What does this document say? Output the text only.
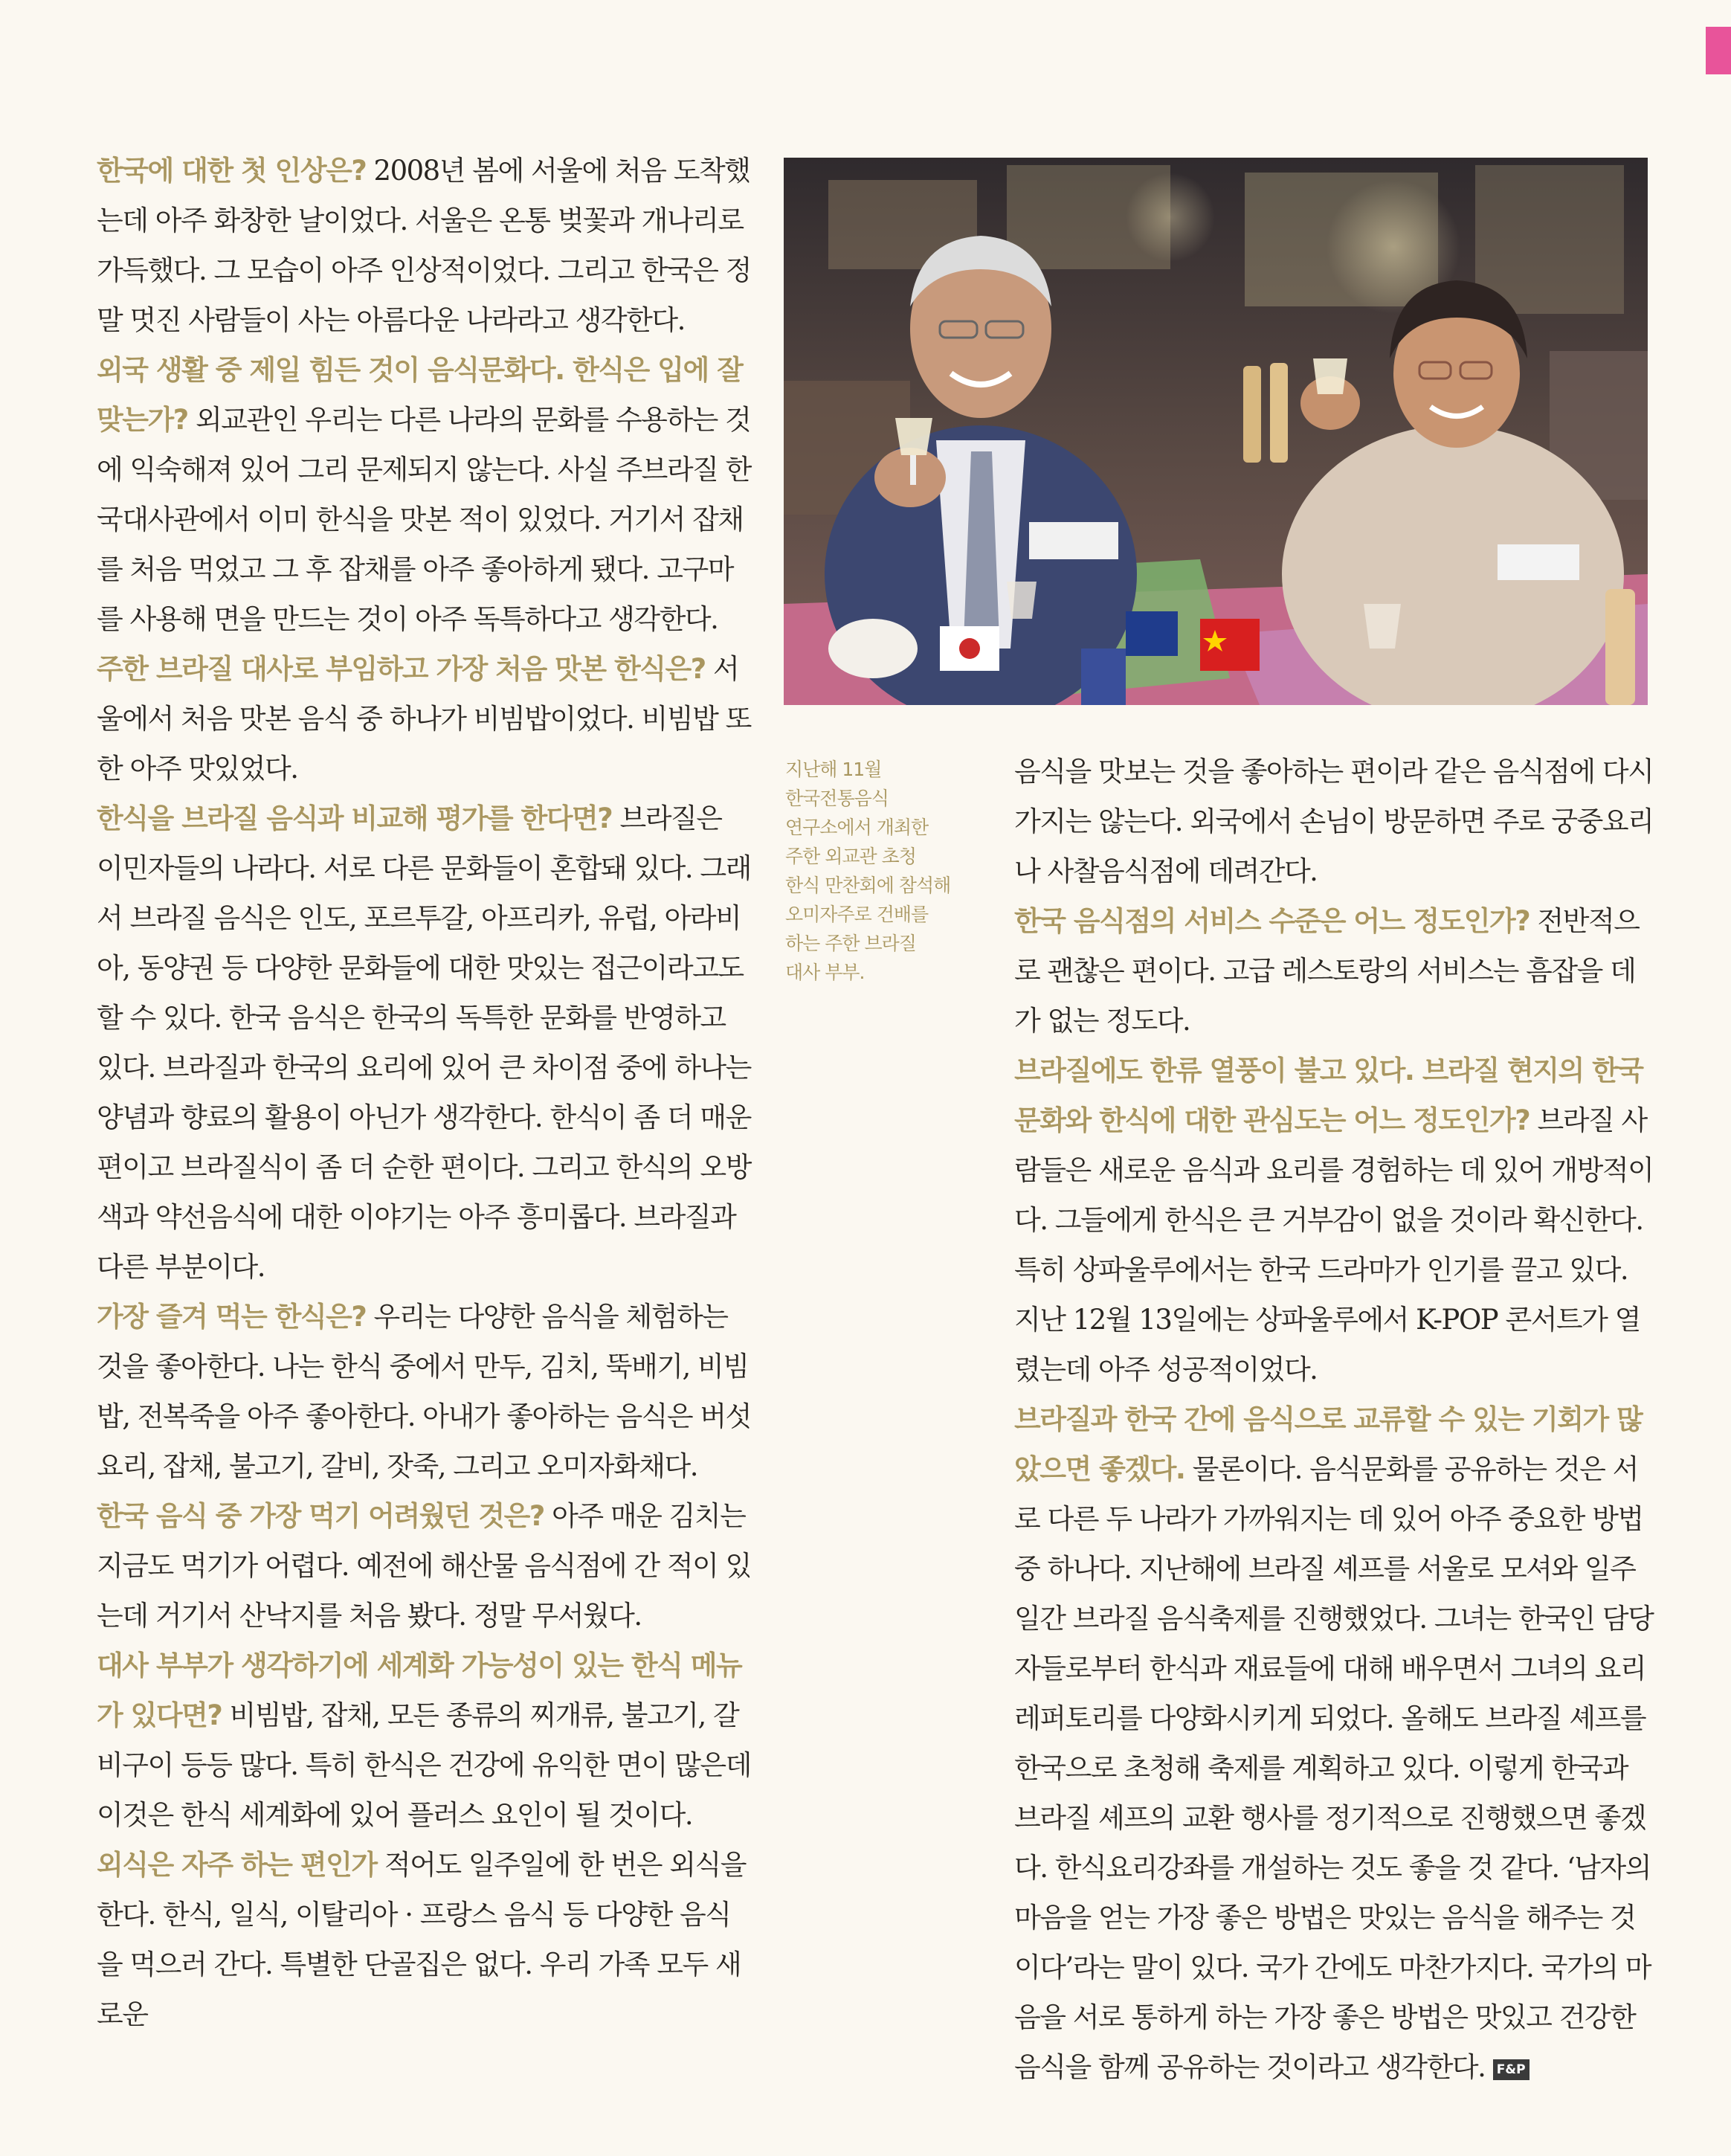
한국에 대한 첫 인상은? 2008년 봄에 서울에 처음 도착했는데 아주 화창한 날이었다. 서울은 온통 벚꽃과 개나리로 가득했다. 그 모습이 아주 인상적이었다. 그리고 한국은 정말 멋진 사람들이 사는 아름다운 나라라고 생각한다.

외국 생활 중 제일 힘든 것이 음식문화다. 한식은 입에 잘 맞는가? 외교관인 우리는 다른 나라의 문화를 수용하는 것에 익숙해져 있어 그리 문제되지 않는다. 사실 주브라질 한국대사관에서 이미 한식을 맛본 적이 있었다. 거기서 잡채를 처음 먹었고 그 후 잡채를 아주 좋아하게 됐다. 고구마를 사용해 면을 만드는 것이 아주 독특하다고 생각한다.

주한 브라질 대사로 부임하고 가장 처음 맛본 한식은? 서울에서 처음 맛본 음식 중 하나가 비빔밥이었다. 비빔밥 또한 아주 맛있었다.

한식을 브라질 음식과 비교해 평가를 한다면? 브라질은 이민자들의 나라다. 서로 다른 문화들이 혼합돼 있다. 그래서 브라질 음식은 인도, 포르투갈, 아프리카, 유럽, 아라비아, 동양권 등 다양한 문화들에 대한 맛있는 접근이라고도 할 수 있다. 한국 음식은 한국의 독특한 문화를 반영하고 있다. 브라질과 한국의 요리에 있어 큰 차이점 중에 하나는 양념과 향료의 활용이 아닌가 생각한다. 한식이 좀 더 매운 편이고 브라질식이 좀 더 순한 편이다. 그리고 한식의 오방색과 약선음식에 대한 이야기는 아주 흥미롭다. 브라질과 다른 부분이다.

가장 즐겨 먹는 한식은? 우리는 다양한 음식을 체험하는 것을 좋아한다. 나는 한식 중에서 만두, 김치, 뚝배기, 비빔밥, 전복죽을 아주 좋아한다. 아내가 좋아하는 음식은 버섯요리, 잡채, 불고기, 갈비, 잣죽, 그리고 오미자화채다.

한국 음식 중 가장 먹기 어려웠던 것은? 아주 매운 김치는 지금도 먹기가 어렵다. 예전에 해산물 음식점에 간 적이 있는데 거기서 산낙지를 처음 봤다. 정말 무서웠다.

대사 부부가 생각하기에 세계화 가능성이 있는 한식 메뉴가 있다면? 비빔밥, 잡채, 모든 종류의 찌개류, 불고기, 갈비구이 등등 많다. 특히 한식은 건강에 유익한 면이 많은데 이것은 한식 세계화에 있어 플러스 요인이 될 것이다.

외식은 자주 하는 편인가 적어도 일주일에 한 번은 외식을 한다. 한식, 일식, 이탈리아 · 프랑스 음식 등 다양한 음식을 먹으러 간다. 특별한 단골집은 없다. 우리 가족 모두 새로운

지난해 11월
한국전통음식
연구소에서 개최한
주한 외교관 초청
한식 만찬회에 참석해
오미자주로 건배를
하는 주한 브라질
대사 부부.

음식을 맛보는 것을 좋아하는 편이라 같은 음식점에 다시 가지는 않는다. 외국에서 손님이 방문하면 주로 궁중요리나 사찰음식점에 데려간다.

한국 음식점의 서비스 수준은 어느 정도인가? 전반적으로 괜찮은 편이다. 고급 레스토랑의 서비스는 흠잡을 데가 없는 정도다.

브라질에도 한류 열풍이 불고 있다. 브라질 현지의 한국 문화와 한식에 대한 관심도는 어느 정도인가? 브라질 사람들은 새로운 음식과 요리를 경험하는 데 있어 개방적이다. 그들에게 한식은 큰 거부감이 없을 것이라 확신한다. 특히 상파울루에서는 한국 드라마가 인기를 끌고 있다. 지난 12월 13일에는 상파울루에서 K-POP 콘서트가 열렸는데 아주 성공적이었다.

브라질과 한국 간에 음식으로 교류할 수 있는 기회가 많았으면 좋겠다. 물론이다. 음식문화를 공유하는 것은 서로 다른 두 나라가 가까워지는 데 있어 아주 중요한 방법 중 하나다. 지난해에 브라질 셰프를 서울로 모셔와 일주일간 브라질 음식축제를 진행했었다. 그녀는 한국인 담당자들로부터 한식과 재료들에 대해 배우면서 그녀의 요리 레퍼토리를 다양화시키게 되었다. 올해도 브라질 셰프를 한국으로 초청해 축제를 계획하고 있다. 이렇게 한국과 브라질 셰프의 교환 행사를 정기적으로 진행했으면 좋겠다. 한식요리강좌를 개설하는 것도 좋을 것 같다. ‘남자의 마음을 얻는 가장 좋은 방법은 맛있는 음식을 해주는 것이다’라는 말이 있다. 국가 간에도 마찬가지다. 국가의 마음을 서로 통하게 하는 가장 좋은 방법은 맛있고 건강한 음식을 함께 공유하는 것이라고 생각한다. F&P
